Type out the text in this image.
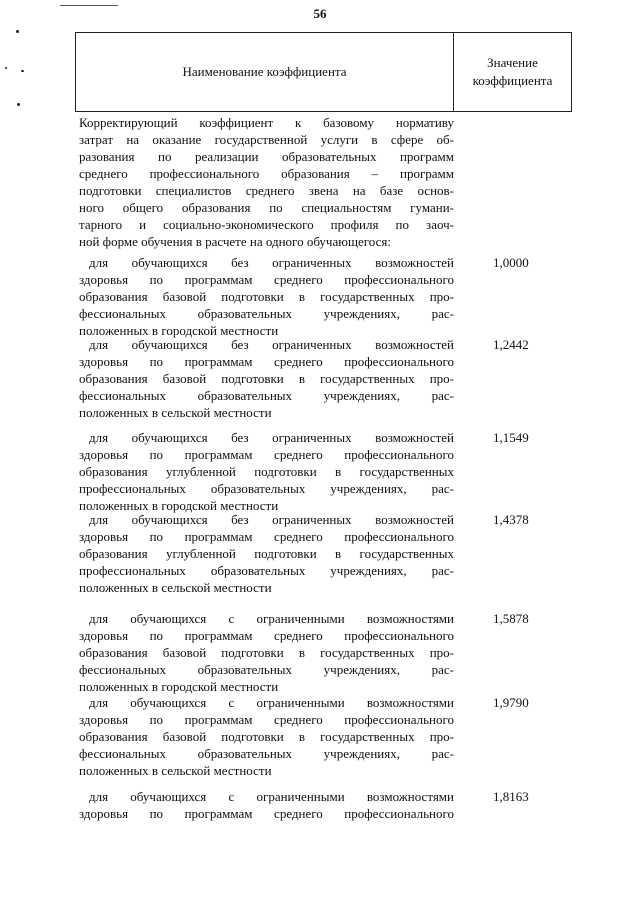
56
Наименование коэффициента
Значение
коэффициента
Корректирующий коэффициент к базовому нормативу
затрат на оказание государственной услуги в сфере об-
разования по реализации образовательных программ
среднего профессионального образования – программ
подготовки специалистов среднего звена на базе основ-
ного общего образования по специальностям гумани-
тарного и социально-экономического профиля по заоч-
ной форме обучения в расчете на одного обучающегося:
для обучающихся без ограниченных возможностей
здоровья по программам среднего профессионального
образования базовой подготовки в государственных про-
фессиональных образовательных учреждениях, рас-
положенных в городской местности
1,0000
для обучающихся без ограниченных возможностей
здоровья по программам среднего профессионального
образования базовой подготовки в государственных про-
фессиональных образовательных учреждениях, рас-
положенных в сельской местности
1,2442
для обучающихся без ограниченных возможностей
здоровья по программам среднего профессионального
образования углубленной подготовки в государственных
профессиональных образовательных учреждениях, рас-
положенных в городской местности
1,1549
для обучающихся без ограниченных возможностей
здоровья по программам среднего профессионального
образования углубленной подготовки в государственных
профессиональных образовательных учреждениях, рас-
положенных в сельской местности
1,4378
для обучающихся с ограниченными возможностями
здоровья по программам среднего профессионального
образования базовой подготовки в государственных про-
фессиональных образовательных учреждениях, рас-
положенных в городской местности
1,5878
для обучающихся с ограниченными возможностями
здоровья по программам среднего профессионального
образования базовой подготовки в государственных про-
фессиональных образовательных учреждениях, рас-
положенных в сельской местности
1,9790
для обучающихся с ограниченными возможностями
здоровья по программам среднего профессионального
1,8163
